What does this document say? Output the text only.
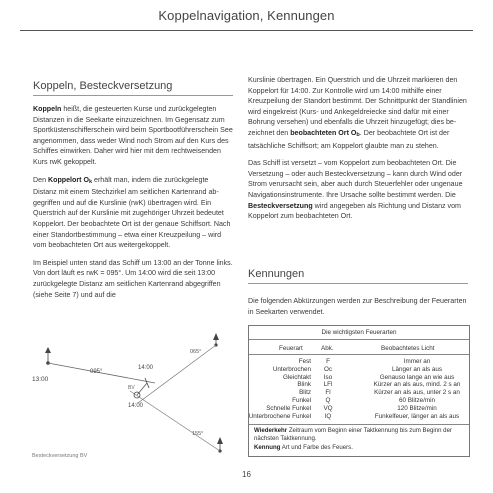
Koppelnavigation, Kennungen
Koppeln, Besteckversetzung

Koppeln heißt, die gesteuerten Kurse und zurückgelegten Distanzen in die Seekarte einzuzeichnen. Im Gegensatz zum Sportküstenschifferschein wird beim Sportbootführerschein See angenommen, dass weder Wind noch Strom auf den Kurs des Schiffes einwirken. Daher wird hier mit dem rechtweisenden Kurs rwK gekoppelt.

Den Koppelort Ok erhält man, indem die zurückgelegte Distanz mit einem Stechzirkel am seitlichen Kartenrand abgegriffen und auf die Kurslinie (rwK) übertragen wird. Ein Querstrich auf der Kurslinie mit zugehöriger Uhrzeit bedeutet Koppelort. Der beobachtete Ort ist der genaue Schiffsort. Nach einer Standortbestimmung – etwa einer Kreuzpeilung – wird vom beobachteten Ort aus weitergekoppelt.

Im Beispiel unten stand das Schiff um 13:00 an der Tonne links. Von dort läuft es rwK = 095°. Um 14:00 wird die seit 13:00 zurückgelegte Distanz am seitlichen Kartenrand abgegriffen (siehe Seite 7) und auf die

13:00
095°
14:00
BV
14:00
065°
155°
Besteckversetzung BV

Kurslinie übertragen. Ein Querstrich und die Uhrzeit markieren den Koppelort für 14:00. Zur Kontrolle wird um 14:00 mithilfe einer Kreuzpeilung der Standort bestimmt. Der Schnittpunkt der Standlinien wird eingekreist (Kurs- und Ankegeldreiecke sind dafür mit einer Bohrung versehen) und ebenfalls die Uhrzeit hinzugefügt; dies bezeichnet den beobachteten Ort Ob. Der beobachtete Ort ist der tatsächliche Schiffsort; am Koppelort glaubte man zu stehen.

Das Schiff ist versetzt – vom Koppelort zum beobachteten Ort. Die Versetzung – oder auch Besteckversetzung – kann durch Wind oder Strom verursacht sein, aber auch durch Steuerfehler oder ungenaue Navigationsinstrumente. Ihre Ursache sollte bestimmt werden. Die Besteckversetzung wird angegeben als Richtung und Distanz vom Koppelort zum beobachteten Ort.

Kennungen
Die folgenden Abkürzungen werden zur Beschreibung der Feuerarten in Seekarten verwendet.
Die wichtigsten Feuerarten
Feuerart	Abk.	Beobachtetes Licht
Fest	F	Immer an
Unterbrochen	Oc	Länger an als aus
Gleichtakt	Iso	Genauso lange an wie aus
Blink	LFl	Kürzer an als aus, mind. 2 s an
Blitz	Fl	Kürzer an als aus, unter 2 s an
Funkel	Q	60 Blitze/min
Schnelle Funkel	VQ	120 Blitze/min
Unterbrochene Funkel	IQ	Funkelfeuer, länger an als aus
Wiederkehr Zeitraum vom Beginn einer Taktkennung bis zum Beginn der nächsten Taktkennung.
Kennung Art und Farbe des Feuers.
16
